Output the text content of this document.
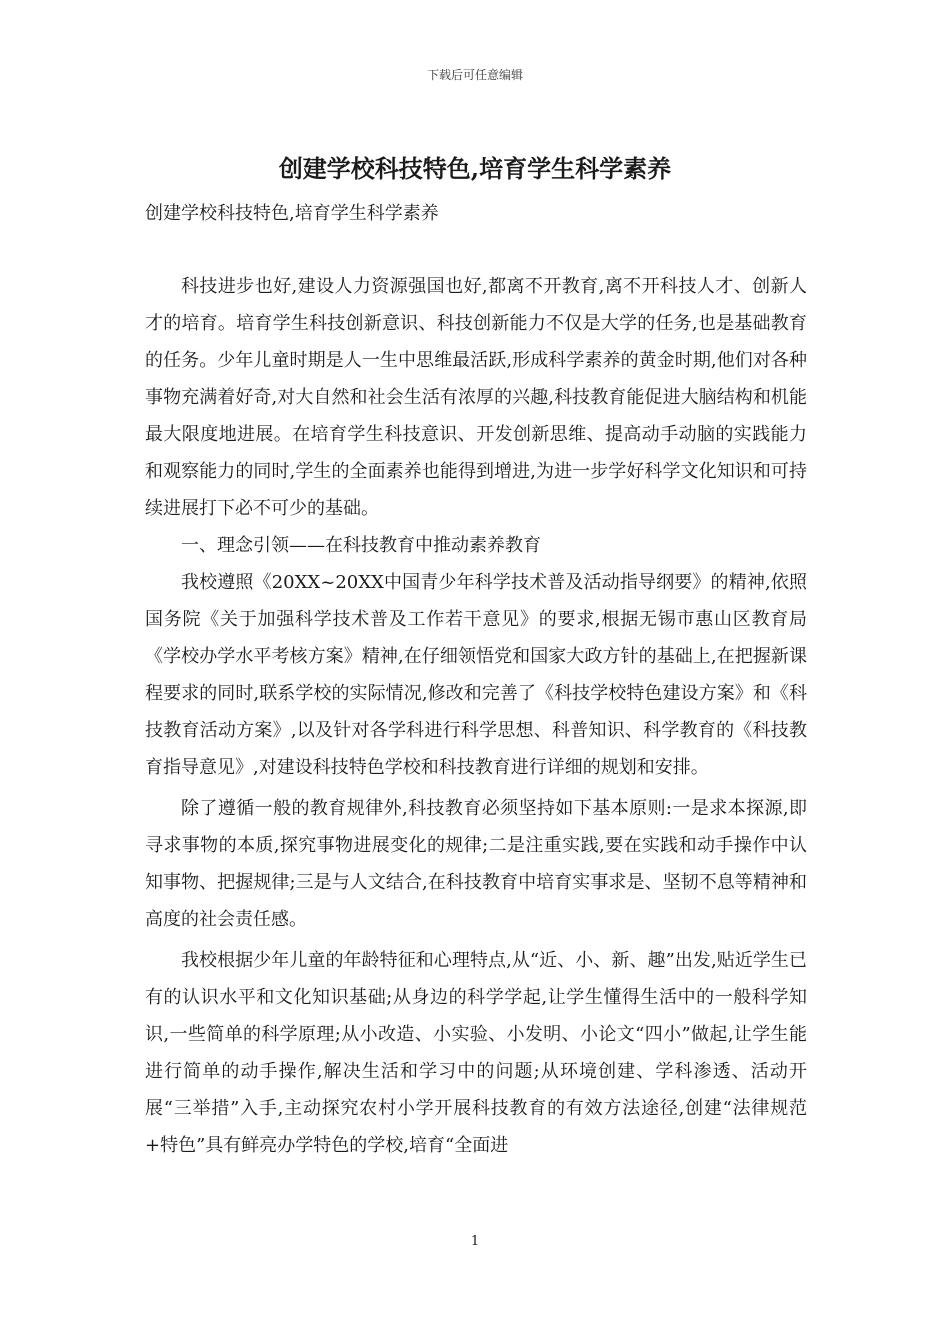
下载后可任意编辑
创建学校科技特色,培育学生科学素养
创建学校科技特色,培育学生科学素养

科技进步也好,建设人力资源强国也好,都离不开教育,离不开科技人才、创新人才的培育。培育学生科技创新意识、科技创新能力不仅是大学的任务,也是基础教育的任务。少年儿童时期是人一生中思维最活跃,形成科学素养的黄金时期,他们对各种事物充满着好奇,对大自然和社会生活有浓厚的兴趣,科技教育能促进大脑结构和机能最大限度地进展。在培育学生科技意识、开发创新思维、提高动手动脑的实践能力和观察能力的同时,学生的全面素养也能得到增进,为进一步学好科学文化知识和可持续进展打下必不可少的基础。

一、理念引领——在科技教育中推动素养教育

我校遵照《20XX~20XX中国青少年科学技术普及活动指导纲要》的精神,依照国务院《关于加强科学技术普及工作若干意见》的要求,根据无锡市惠山区教育局《学校办学水平考核方案》精神,在仔细领悟党和国家大政方针的基础上,在把握新课程要求的同时,联系学校的实际情况,修改和完善了《科技学校特色建设方案》和《科技教育活动方案》,以及针对各学科进行科学思想、科普知识、科学教育的《科技教育指导意见》,对建设科技特色学校和科技教育进行详细的规划和安排。

除了遵循一般的教育规律外,科技教育必须坚持如下基本原则:一是求本探源,即寻求事物的本质,探究事物进展变化的规律;二是注重实践,要在实践和动手操作中认知事物、把握规律;三是与人文结合,在科技教育中培育实事求是、坚韧不息等精神和高度的社会责任感。

我校根据少年儿童的年龄特征和心理特点,从“近、小、新、趣”出发,贴近学生已有的认识水平和文化知识基础;从身边的科学学起,让学生懂得生活中的一般科学知识,一些简单的科学原理;从小改造、小实验、小发明、小论文“四小”做起,让学生能进行简单的动手操作,解决生活和学习中的问题;从环境创建、学科渗透、活动开展“三举措”入手,主动探究农村小学开展科技教育的有效方法途径,创建“法律规范+特色”具有鲜亮办学特色的学校,培育“全面进

1
